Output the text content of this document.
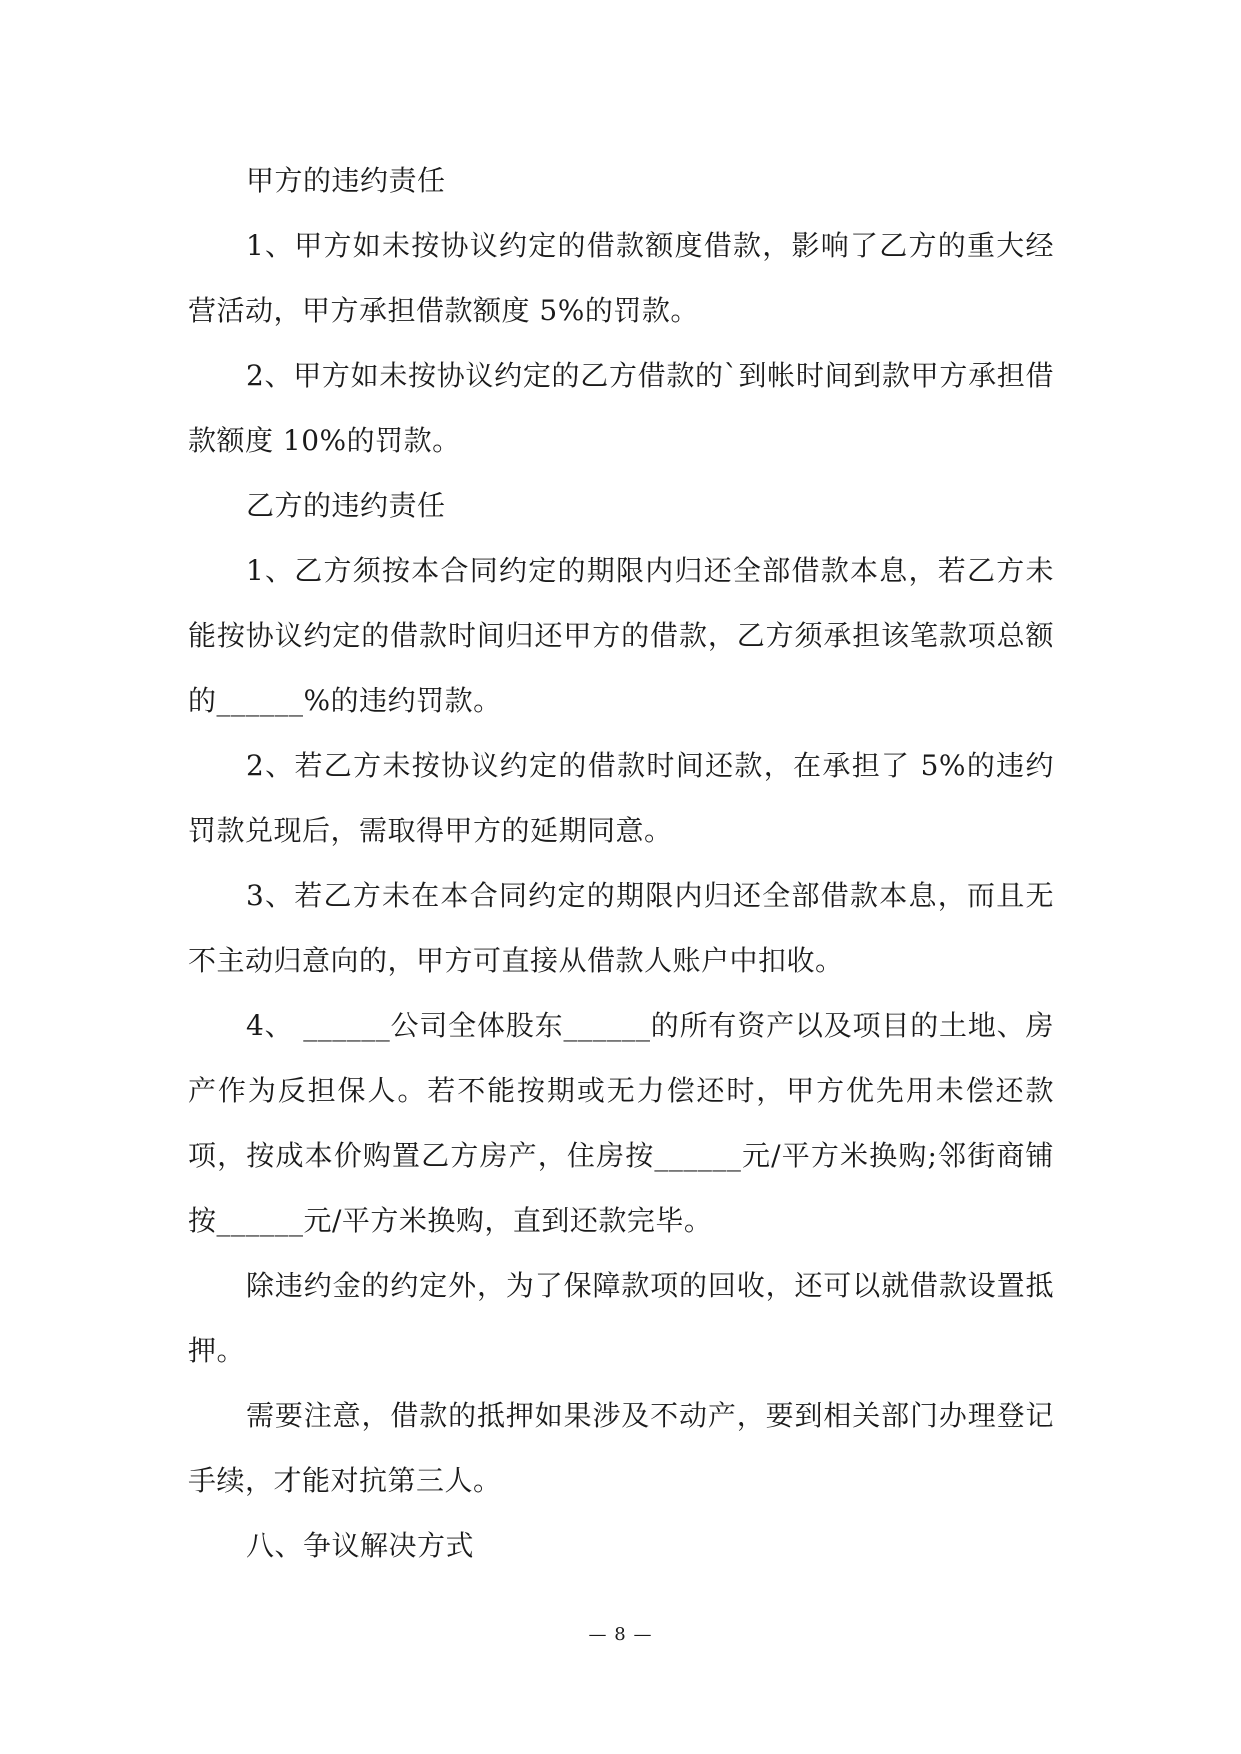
甲方的违约责任

1、甲方如未按协议约定的借款额度借款，影响了乙方的重大经营活动，甲方承担借款额度 5%的罚款。

2、甲方如未按协议约定的乙方借款的`到帐时间到款甲方承担借款额度 10%的罚款。

乙方的违约责任

1、乙方须按本合同约定的期限内归还全部借款本息，若乙方未能按协议约定的借款时间归还甲方的借款，乙方须承担该笔款项总额的______%的违约罚款。

2、若乙方未按协议约定的借款时间还款，在承担了 5%的违约罚款兑现后，需取得甲方的延期同意。

3、若乙方未在本合同约定的期限内归还全部借款本息，而且无不主动归意向的，甲方可直接从借款人账户中扣收。

4、 ______公司全体股东______的所有资产以及项目的土地、房产作为反担保人。若不能按期或无力偿还时，甲方优先用未偿还款项，按成本价购置乙方房产，住房按______元/平方米换购;邻街商铺按______元/平方米换购，直到还款完毕。

除违约金的约定外，为了保障款项的回收，还可以就借款设置抵押。

需要注意，借款的抵押如果涉及不动产，要到相关部门办理登记手续，才能对抗第三人。

八、争议解决方式

— 8 —
